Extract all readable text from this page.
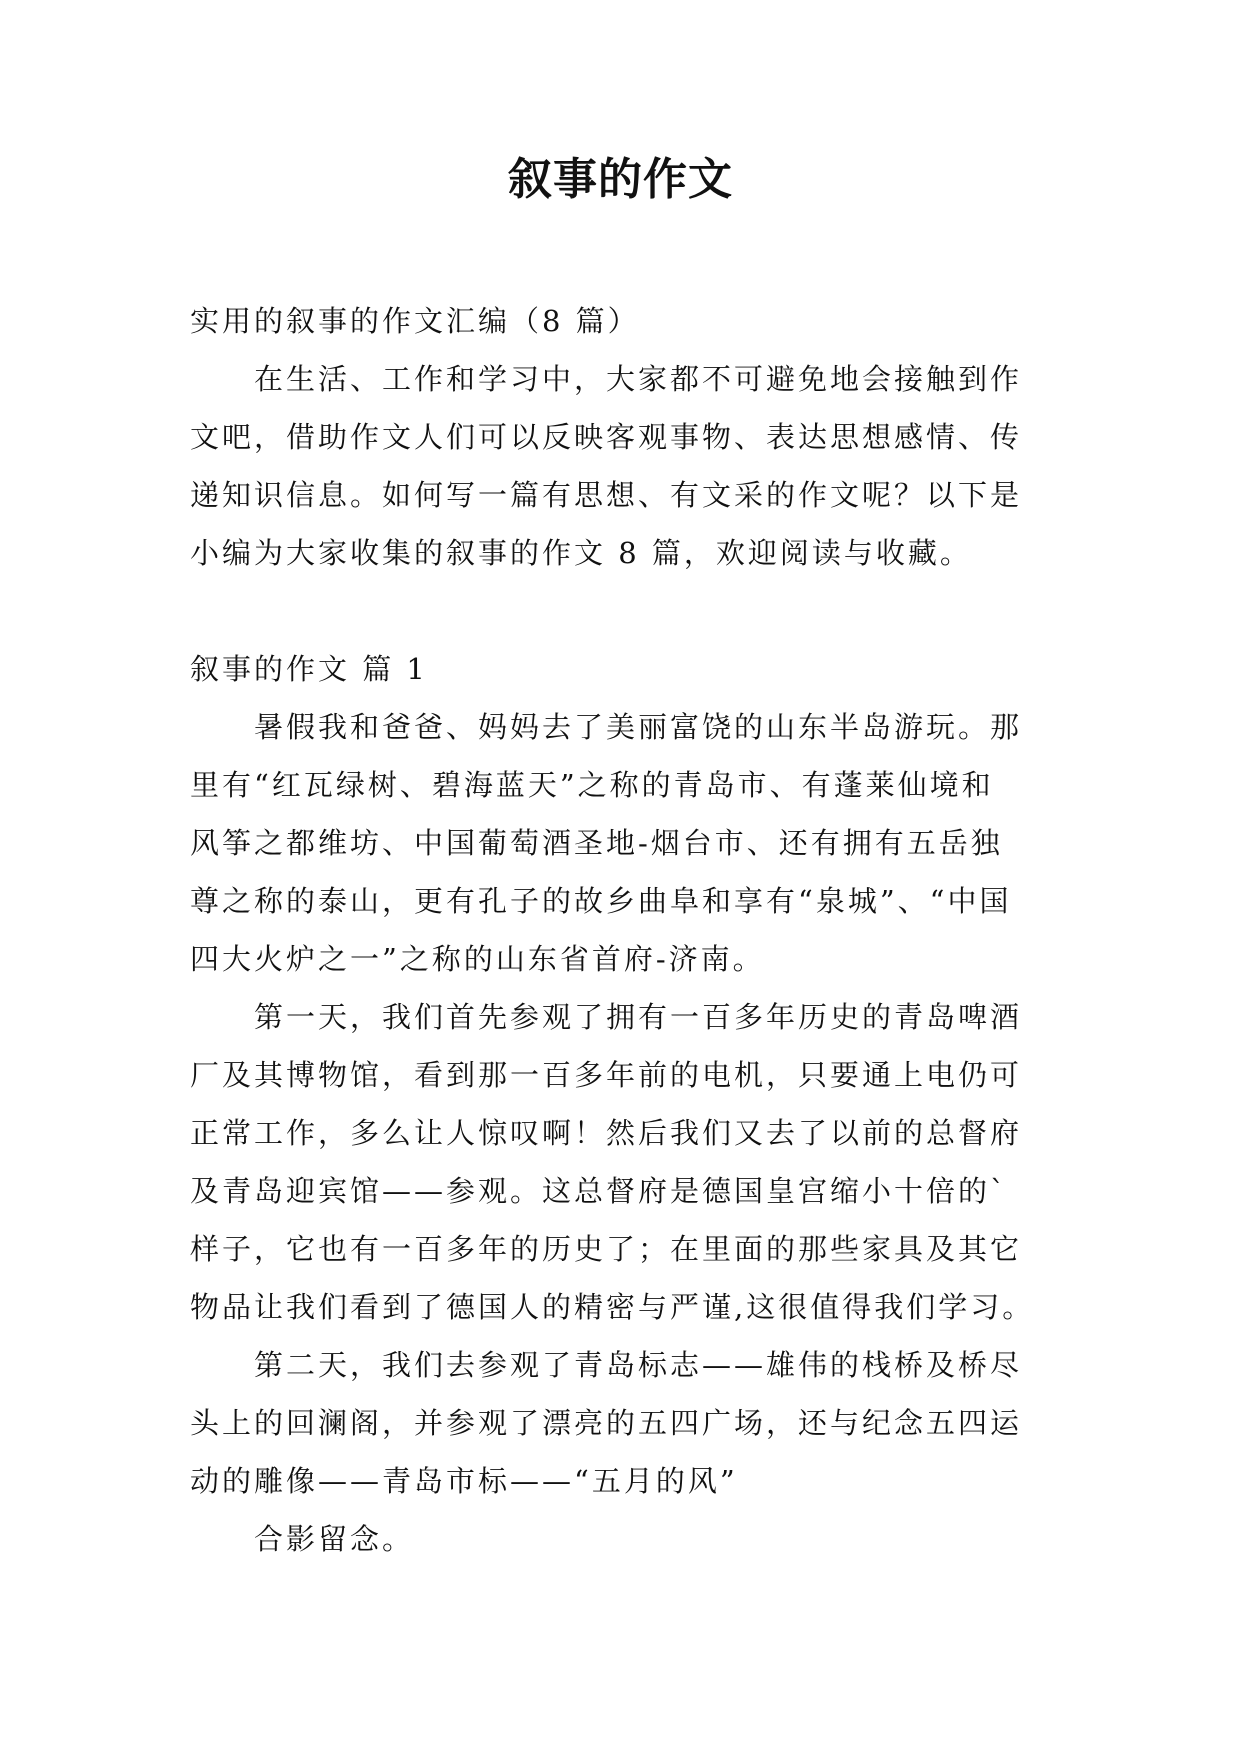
叙事的作文

实用的叙事的作文汇编（8 篇）

　　在生活、工作和学习中，大家都不可避免地会接触到作

文吧，借助作文人们可以反映客观事物、表达思想感情、传

递知识信息。如何写一篇有思想、有文采的作文呢？以下是

小编为大家收集的叙事的作文 8 篇，欢迎阅读与收藏。

叙事的作文 篇 1

　　暑假我和爸爸、妈妈去了美丽富饶的山东半岛游玩。那

里有“红瓦绿树、碧海蓝天”之称的青岛市、有蓬莱仙境和

风筝之都维坊、中国葡萄酒圣地-烟台市、还有拥有五岳独

尊之称的泰山，更有孔子的故乡曲阜和享有“泉城”、“中国

四大火炉之一”之称的山东省首府-济南。

　　第一天，我们首先参观了拥有一百多年历史的青岛啤酒

厂及其博物馆，看到那一百多年前的电机，只要通上电仍可

正常工作，多么让人惊叹啊！然后我们又去了以前的总督府

及青岛迎宾馆——参观。这总督府是德国皇宫缩小十倍的`

样子，它也有一百多年的历史了；在里面的那些家具及其它

物品让我们看到了德国人的精密与严谨,这很值得我们学习。

　　第二天，我们去参观了青岛标志——雄伟的栈桥及桥尽

头上的回澜阁，并参观了漂亮的五四广场，还与纪念五四运

动的雕像——青岛市标——“五月的风”

　　合影留念。
